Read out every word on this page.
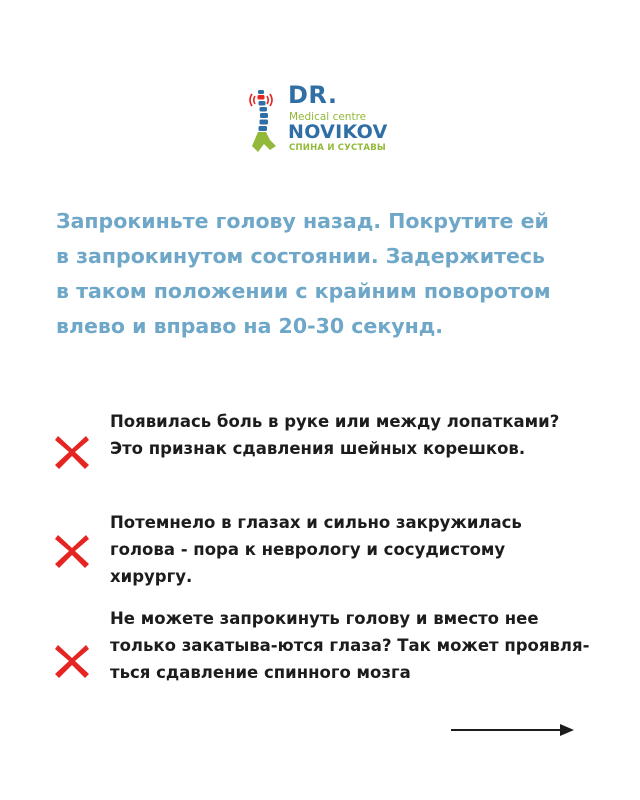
DR.
Medical centre
NOVIKOV
СПИНА И СУСТАВЫ

Запрокиньте голову назад. Покрутите ей в запрокинутом состоянии. Задержитесь в таком положении с крайним поворотом влево и вправо на 20-30 секунд.

Появилась боль в руке или между лопатками? Это признак сдавления шейных корешков.

Потемнело в глазах и сильно закружилась голова - пора к неврологу и сосудистому хирургу.

Не можете запрокинуть голову и вместо нее только закатыва-ются глаза? Так может проявля-ться сдавление спинного мозга
